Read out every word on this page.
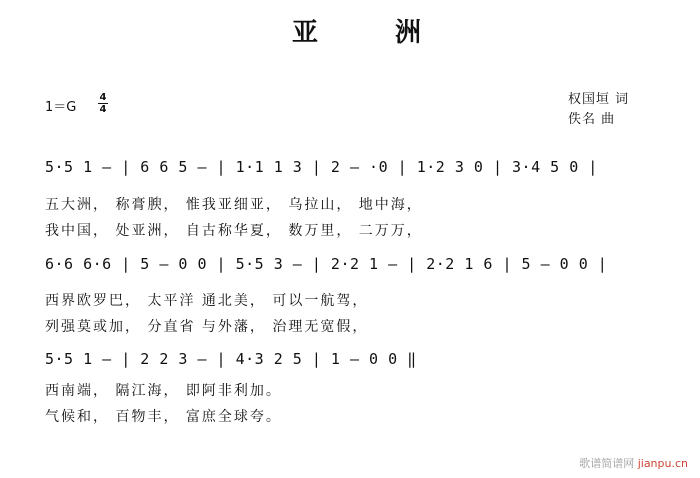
亚 洲
1＝G
4
4
权国垣 词
佚名 曲
5·5 1 — | 6 6 5 — | 1·1 1 3 | 2 — ·0 | 1·2 3 0 | 3·4 5 0 |
五大洲， 称膏腴， 惟我亚细亚， 乌拉山， 地中海，
我中国， 处亚洲， 自古称华夏， 数万里， 二万万，
6·6 6·6 | 5 — 0 0 | 5·5 3 — | 2·2 1 — | 2·2 1 6 | 5 — 0 0 |
西界欧罗巴， 太平洋 通北美， 可以一航驾，
列强莫或加， 分直省 与外藩， 治理无宽假，
5·5 1 — | 2 2 3 — | 4·3 2 5 | 1 — 0 0 ‖
西南端， 隔江海， 即阿非利加。
气候和， 百物丰， 富庶全球夸。
歌谱简谱网 jianpu.cn
